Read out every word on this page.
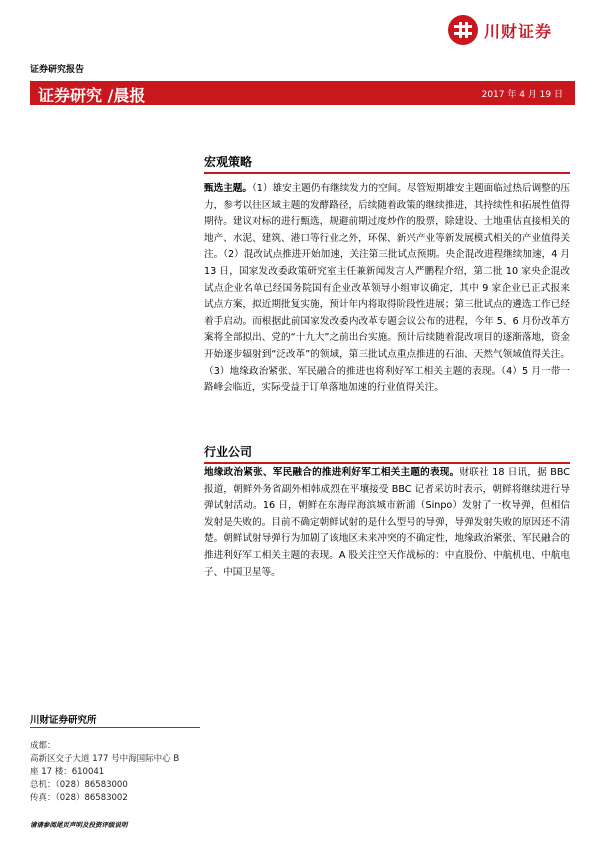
川财证券
证券研究报告
证券研究 /晨报	2017 年 4 月 19 日
宏观策略

甄选主题。（1）雄安主题仍有继续发力的空间。尽管短期雄安主题面临过热后调整的压力，参考以往区域主题的发酵路径，后续随着政策的继续推进，其持续性和拓展性值得期待。建议对标的进行甄选，规避前期过度炒作的股票，除建设、土地重估直接相关的地产、水泥、建筑、港口等行业之外，环保、新兴产业等新发展模式相关的产业值得关注。（2）混改试点推进开始加速，关注第三批试点预期。央企混改进程继续加速，4 月 13 日，国家发改委政策研究室主任兼新闻发言人严鹏程介绍，第二批 10 家央企混改试点企业名单已经国务院国有企业改革领导小组审议确定，其中 9 家企业已正式报来试点方案，拟近期批复实施，预计年内将取得阶段性进展；第三批试点的遴选工作已经着手启动。而根据此前国家发改委内改革专题会议公布的进程，今年 5、6 月份改革方案将全部拟出、党的“十九大”之前出台实施。预计后续随着混改项目的逐渐落地，资金开始逐步辐射到“泛改革”的领域，第三批试点重点推进的石油、天然气领域值得关注。（3）地缘政治紧张、军民融合的推进也将利好军工相关主题的表现。（4）5 月一带一路峰会临近，实际受益于订单落地加速的行业值得关注。

行业公司

地缘政治紧张、军民融合的推进利好军工相关主题的表现。财联社 18 日讯，据 BBC 报道，朝鲜外务省副外相韩成烈在平壤接受 BBC 记者采访时表示，朝鲜将继续进行导弹试射活动。16 日，朝鲜在东海岸海滨城市新浦（Sinpo）发射了一枚导弹，但相信发射是失败的。目前不确定朝鲜试射的是什么型号的导弹，导弹发射失败的原因还不清楚。朝鲜试射导弹行为加剧了该地区未来冲突的不确定性，地缘政治紧张、军民融合的推进利好军工相关主题的表现。A 股关注空天作战标的：中直股份、中航机电、中航电子、中国卫星等。

川财证券研究所
成都：
高新区交子大道 177 号中海国际中心 B
座 17 楼：610041
总机：（028）86583000
传真：（028）86583002
请请参阅尾页声明及投资评级说明
